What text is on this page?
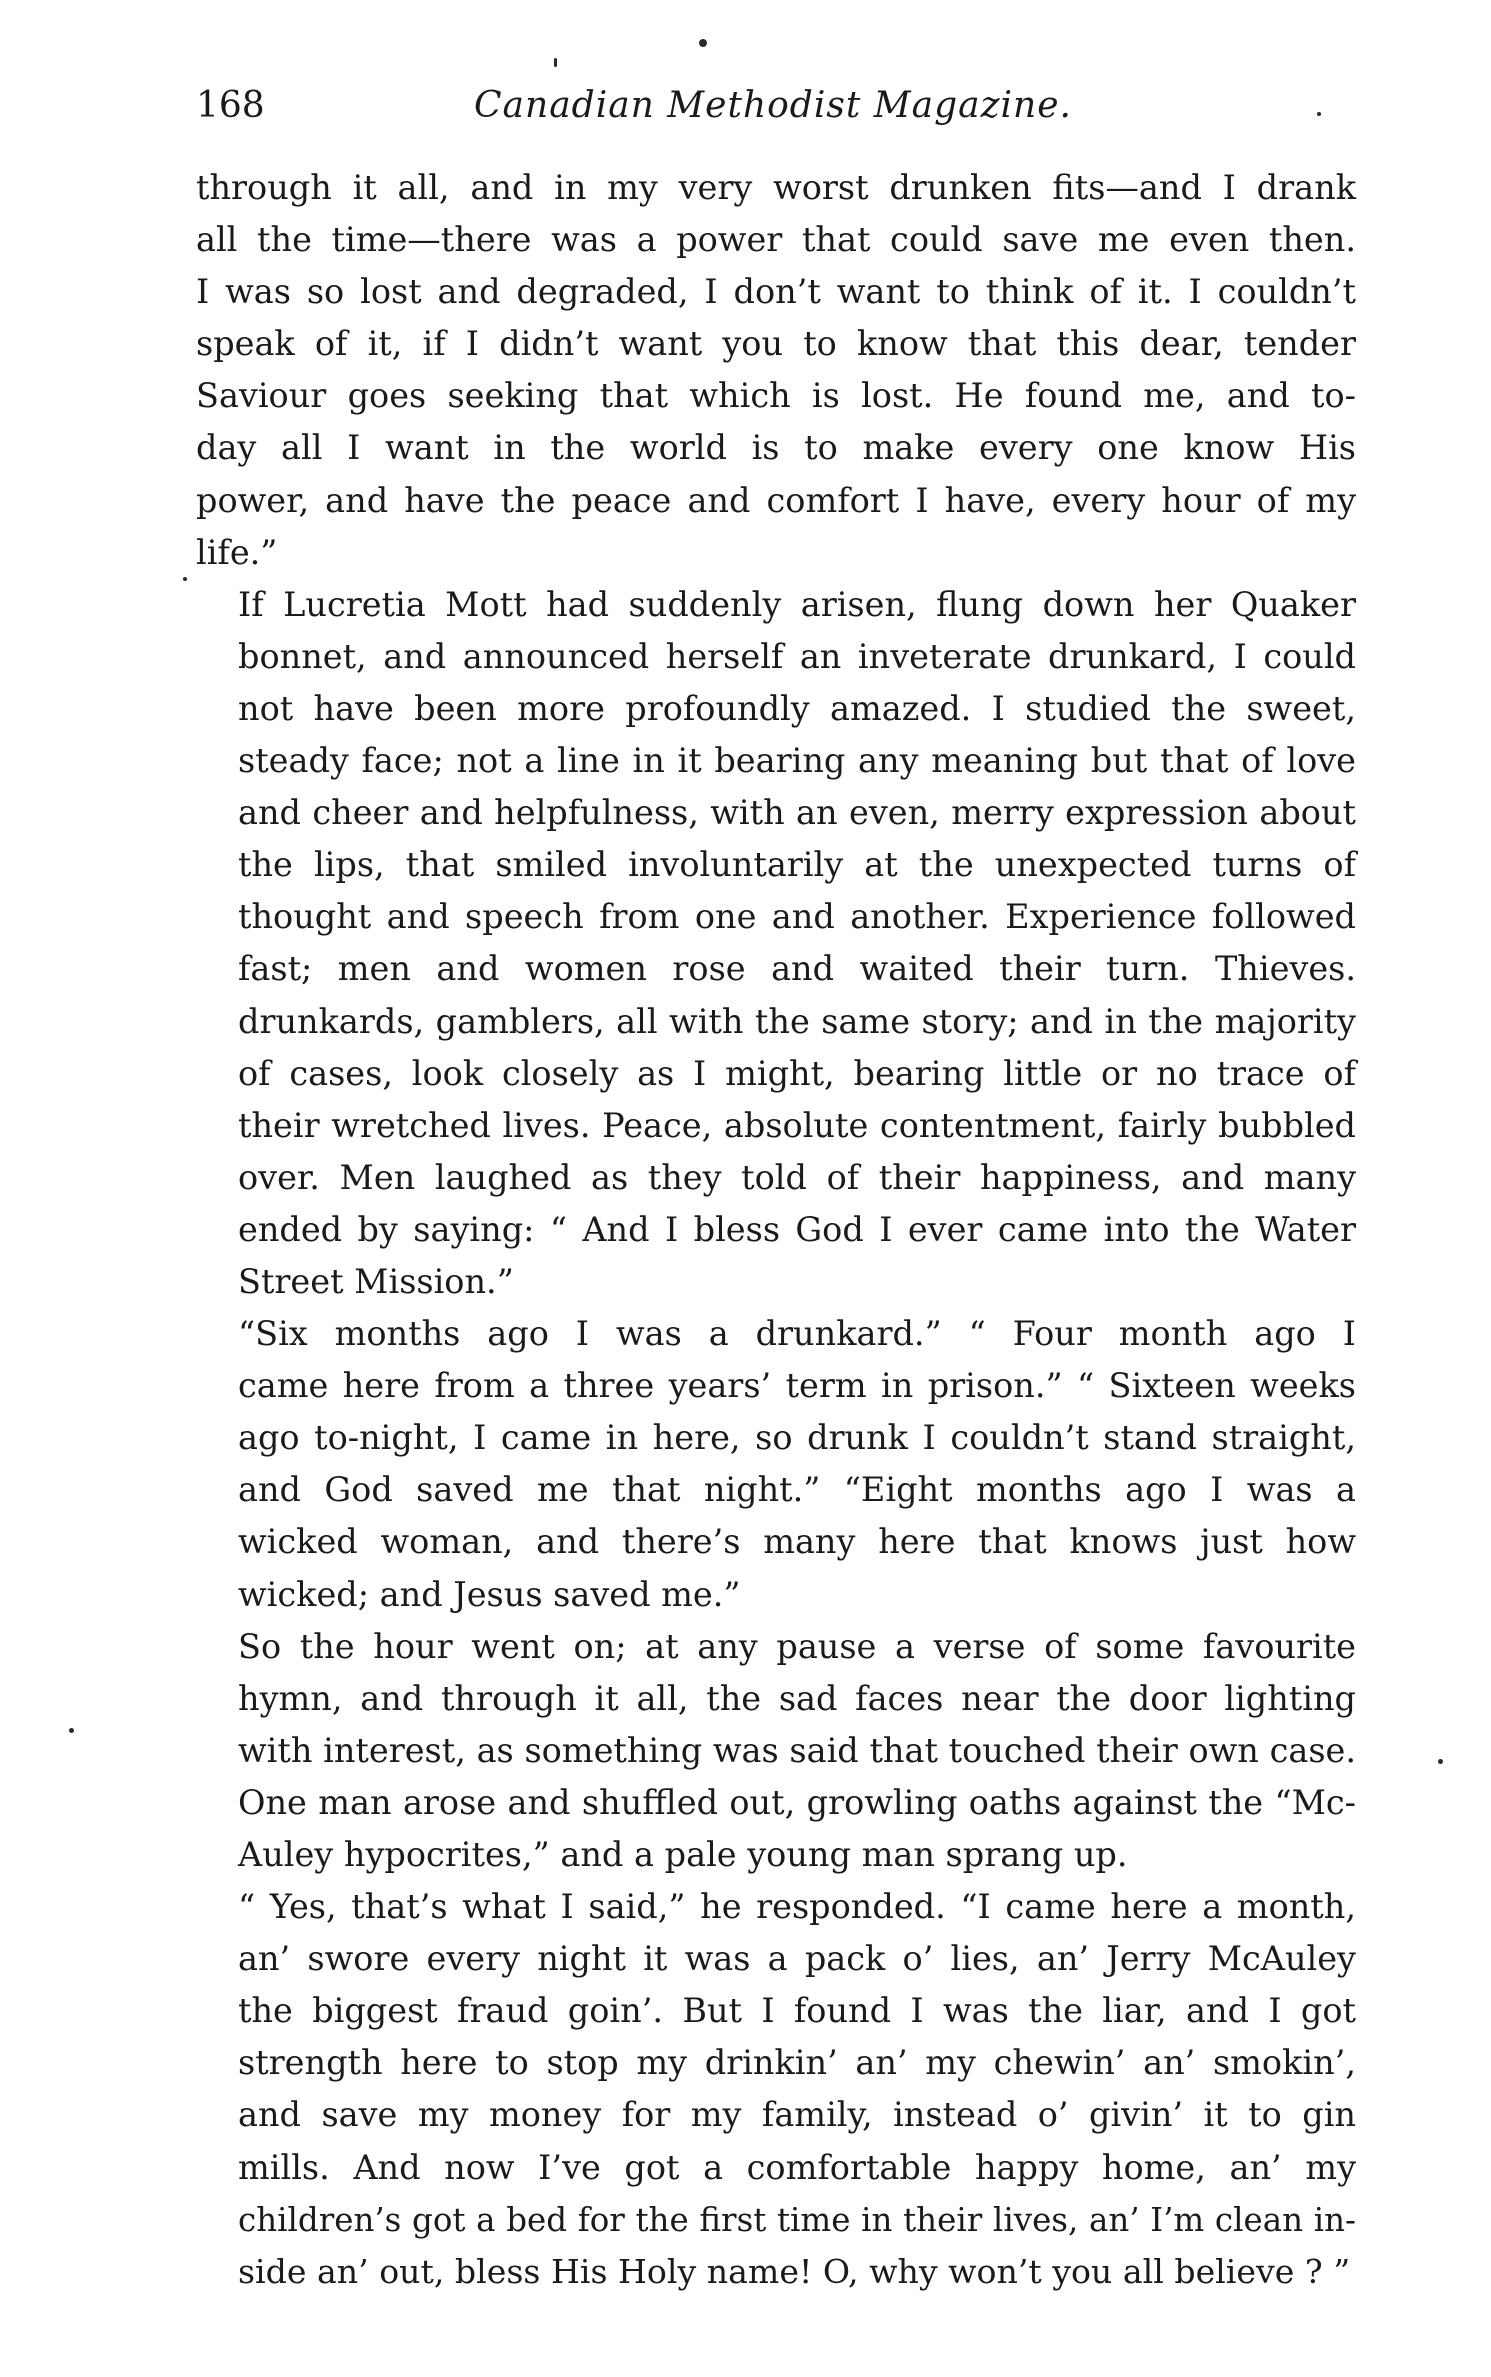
168	Canadian Methodist Magazine.

through it all, and in my very worst drunken fits—and I drank
all the time—there was a power that could save me even then.
I was so lost and degraded, I don’t want to think of it. I couldn’t
speak of it, if I didn’t want you to know that this dear, tender
Saviour goes seeking that which is lost. He found me, and to-
day all I want in the world is to make every one know His
power, and have the peace and comfort I have, every hour of my
life.”

If Lucretia Mott had suddenly arisen, flung down her Quaker
bonnet, and announced herself an inveterate drunkard, I could
not have been more profoundly amazed. I studied the sweet,
steady face; not a line in it bearing any meaning but that of love
and cheer and helpfulness, with an even, merry expression about
the lips, that smiled involuntarily at the unexpected turns of
thought and speech from one and another. Experience followed
fast; men and women rose and waited their turn. Thieves.
drunkards, gamblers, all with the same story; and in the majority
of cases, look closely as I might, bearing little or no trace of
their wretched lives. Peace, absolute contentment, fairly bubbled
over. Men laughed as they told of their happiness, and many
ended by saying: “ And I bless God I ever came into the Water
Street Mission.”

“Six months ago I was a drunkard.” “ Four month ago I
came here from a three years’ term in prison.” “ Sixteen weeks
ago to-night, I came in here, so drunk I couldn’t stand straight,
and God saved me that night.” “Eight months ago I was a
wicked woman, and there’s many here that knows just how
wicked; and Jesus saved me.”

So the hour went on; at any pause a verse of some favourite
hymn, and through it all, the sad faces near the door lighting
with interest, as something was said that touched their own case.
One man arose and shuffled out, growling oaths against the “Mc-
Auley hypocrites,” and a pale young man sprang up.

“ Yes, that’s what I said,” he responded. “I came here a month,
an’ swore every night it was a pack o’ lies, an’ Jerry McAuley
the biggest fraud goin’. But I found I was the liar, and I got
strength here to stop my drinkin’ an’ my chewin’ an’ smokin’,
and save my money for my family, instead o’ givin’ it to gin
mills. And now I’ve got a comfortable happy home, an’ my
children’s got a bed for the first time in their lives, an’ I’m clean in-
side an’ out, bless His Holy name! O, why won’t you all believe ? ”
